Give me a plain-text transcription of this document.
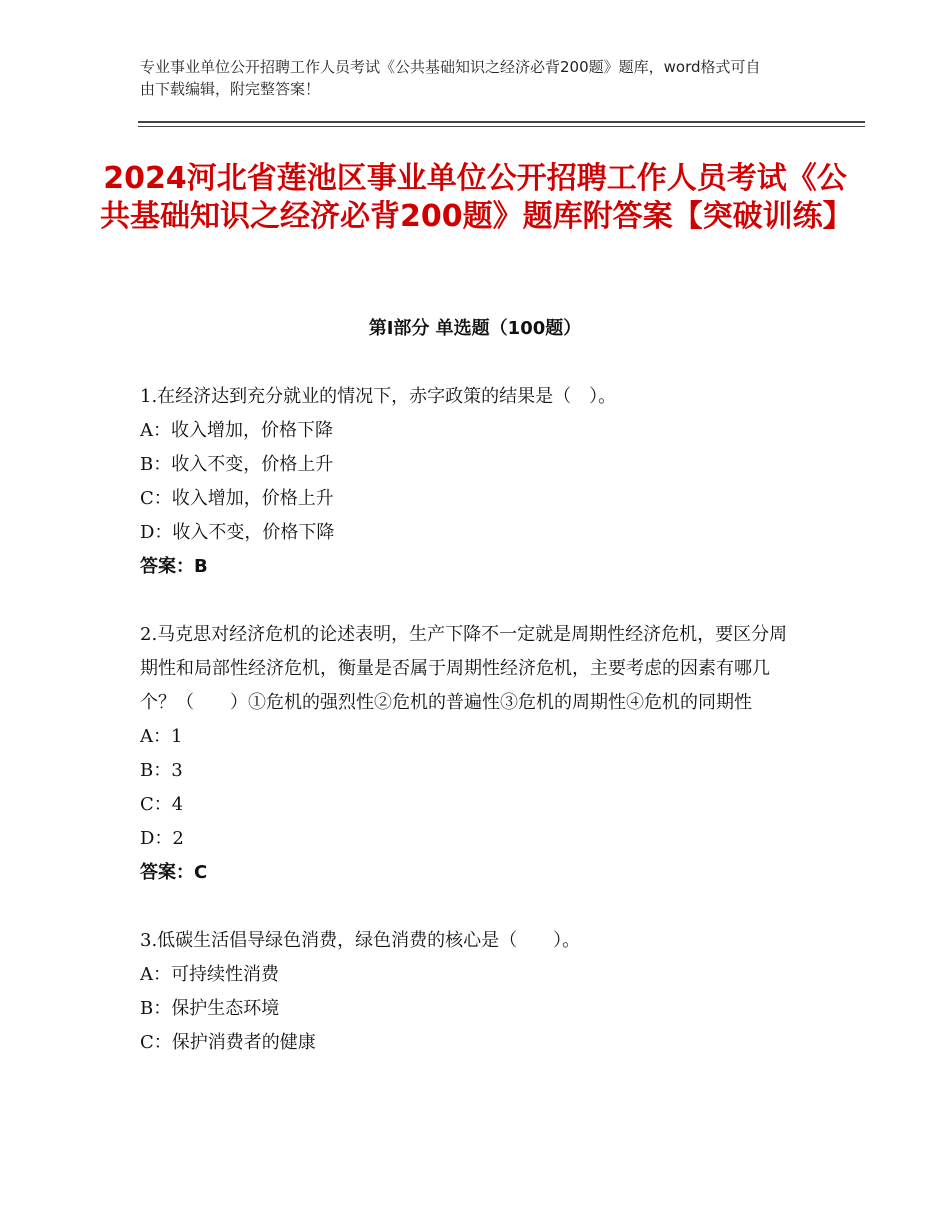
专业事业单位公开招聘工作人员考试《公共基础知识之经济必背200题》题库，word格式可自由下载编辑，附完整答案！
2024河北省莲池区事业单位公开招聘工作人员考试《公共基础知识之经济必背200题》题库附答案【突破训练】
第I部分 单选题（100题）

1.在经济达到充分就业的情况下，赤字政策的结果是（　）。

A：收入增加，价格下降

B：收入不变，价格上升

C：收入增加，价格上升

D：收入不变，价格下降

答案：B

2.马克思对经济危机的论述表明，生产下降不一定就是周期性经济危机，要区分周期性和局部性经济危机，衡量是否属于周期性经济危机，主要考虑的因素有哪几个？（　　）①危机的强烈性②危机的普遍性③危机的周期性④危机的同期性

A：1

B：3

C：4

D：2

答案：C

3.低碳生活倡导绿色消费，绿色消费的核心是（　　）。

A：可持续性消费

B：保护生态环境

C：保护消费者的健康
